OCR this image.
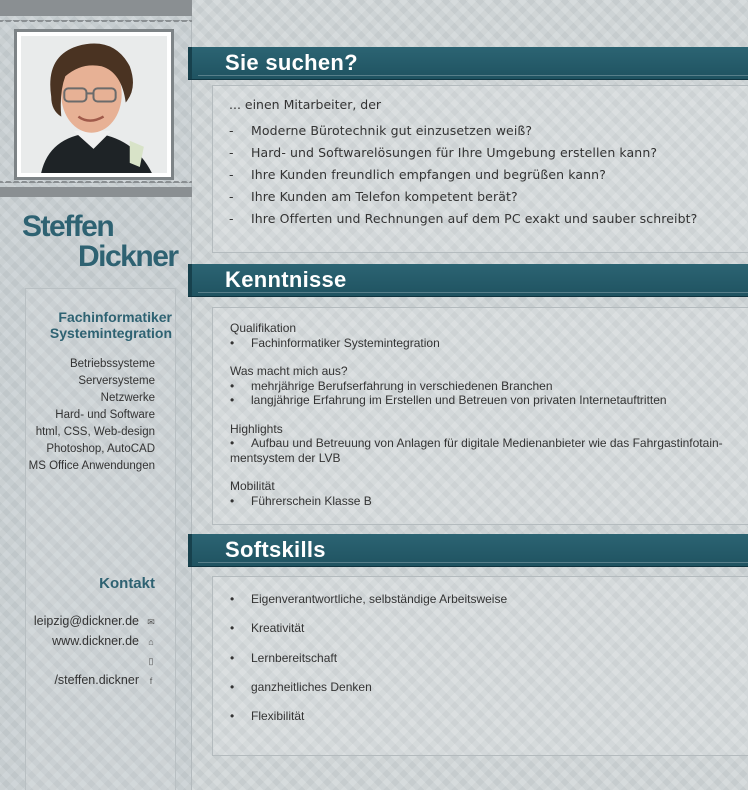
Steffen
Dickner
Fachinformatiker
Systemintegration
Betriebssysteme
Serversysteme
Netzwerke
Hard- und Software
html, CSS, Web-design
Photoshop, AutoCAD
MS Office Anwendungen
Kontakt
leipzig@dickner.de ✉
www.dickner.de ⌂
▯
/steffen.dickner f
Sie suchen?
... einen Mitarbeiter, der
- Moderne Bürotechnik gut einzusetzen weiß?
- Hard- und Softwarelösungen für Ihre Umgebung erstellen kann?
- Ihre Kunden freundlich empfangen und begrüßen kann?
- Ihre Kunden am Telefon kompetent berät?
- Ihre Offerten und Rechnungen auf dem PC exakt und sauber schreibt?
Kenntnisse
Qualifikation
•	Fachinformatiker Systemintegration
Was macht mich aus?
•	mehrjährige Berufserfahrung in verschiedenen Branchen
•	langjährige Erfahrung im Erstellen und Betreuen von privaten Internetauftritten
Highlights
•	Aufbau und Betreuung von Anlagen für digitale Medienanbieter wie das Fahrgastinfotain-
mentsystem der LVB
Mobilität
•	Führerschein Klasse B
Softskills
• Eigenverantwortliche, selbständige Arbeitsweise
• Kreativität
• Lernbereitschaft
• ganzheitliches Denken
• Flexibilität
